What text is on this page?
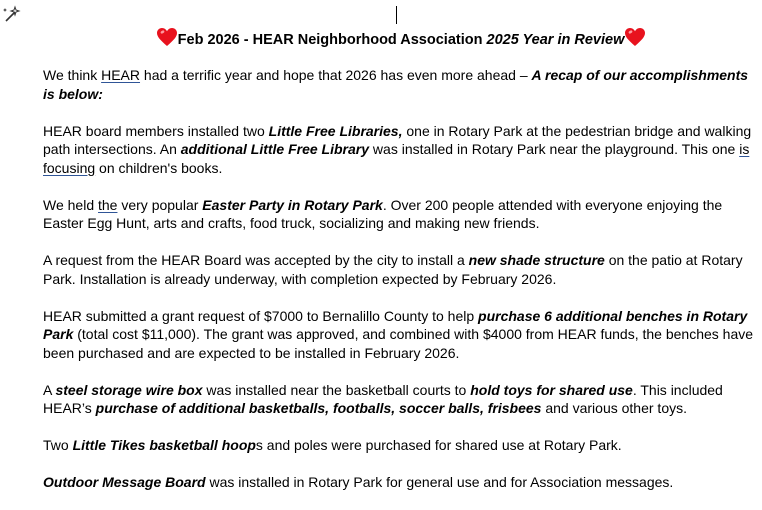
Feb 2026 - HEAR Neighborhood Association 2025 Year in Review

We think HEAR had a terrific year and hope that 2026 has even more ahead – A recap of our accomplishments is below:

HEAR board members installed two Little Free Libraries, one in Rotary Park at the pedestrian bridge and walking path intersections. An additional Little Free Library was installed in Rotary Park near the playground. This one is focusing on children's books.

We held the very popular Easter Party in Rotary Park. Over 200 people attended with everyone enjoying the Easter Egg Hunt, arts and crafts, food truck, socializing and making new friends.

A request from the HEAR Board was accepted by the city to install a new shade structure on the patio at Rotary Park. Installation is already underway, with completion expected by February 2026.

HEAR submitted a grant request of $7000 to Bernalillo County to help purchase 6 additional benches in Rotary Park (total cost $11,000). The grant was approved, and combined with $4000 from HEAR funds, the benches have been purchased and are expected to be installed in February 2026.

A steel storage wire box was installed near the basketball courts to hold toys for shared use. This included HEAR’s purchase of additional basketballs, footballs, soccer balls, frisbees and various other toys.

Two Little Tikes basketball hoops and poles were purchased for shared use at Rotary Park.

Outdoor Message Board was installed in Rotary Park for general use and for Association messages.
